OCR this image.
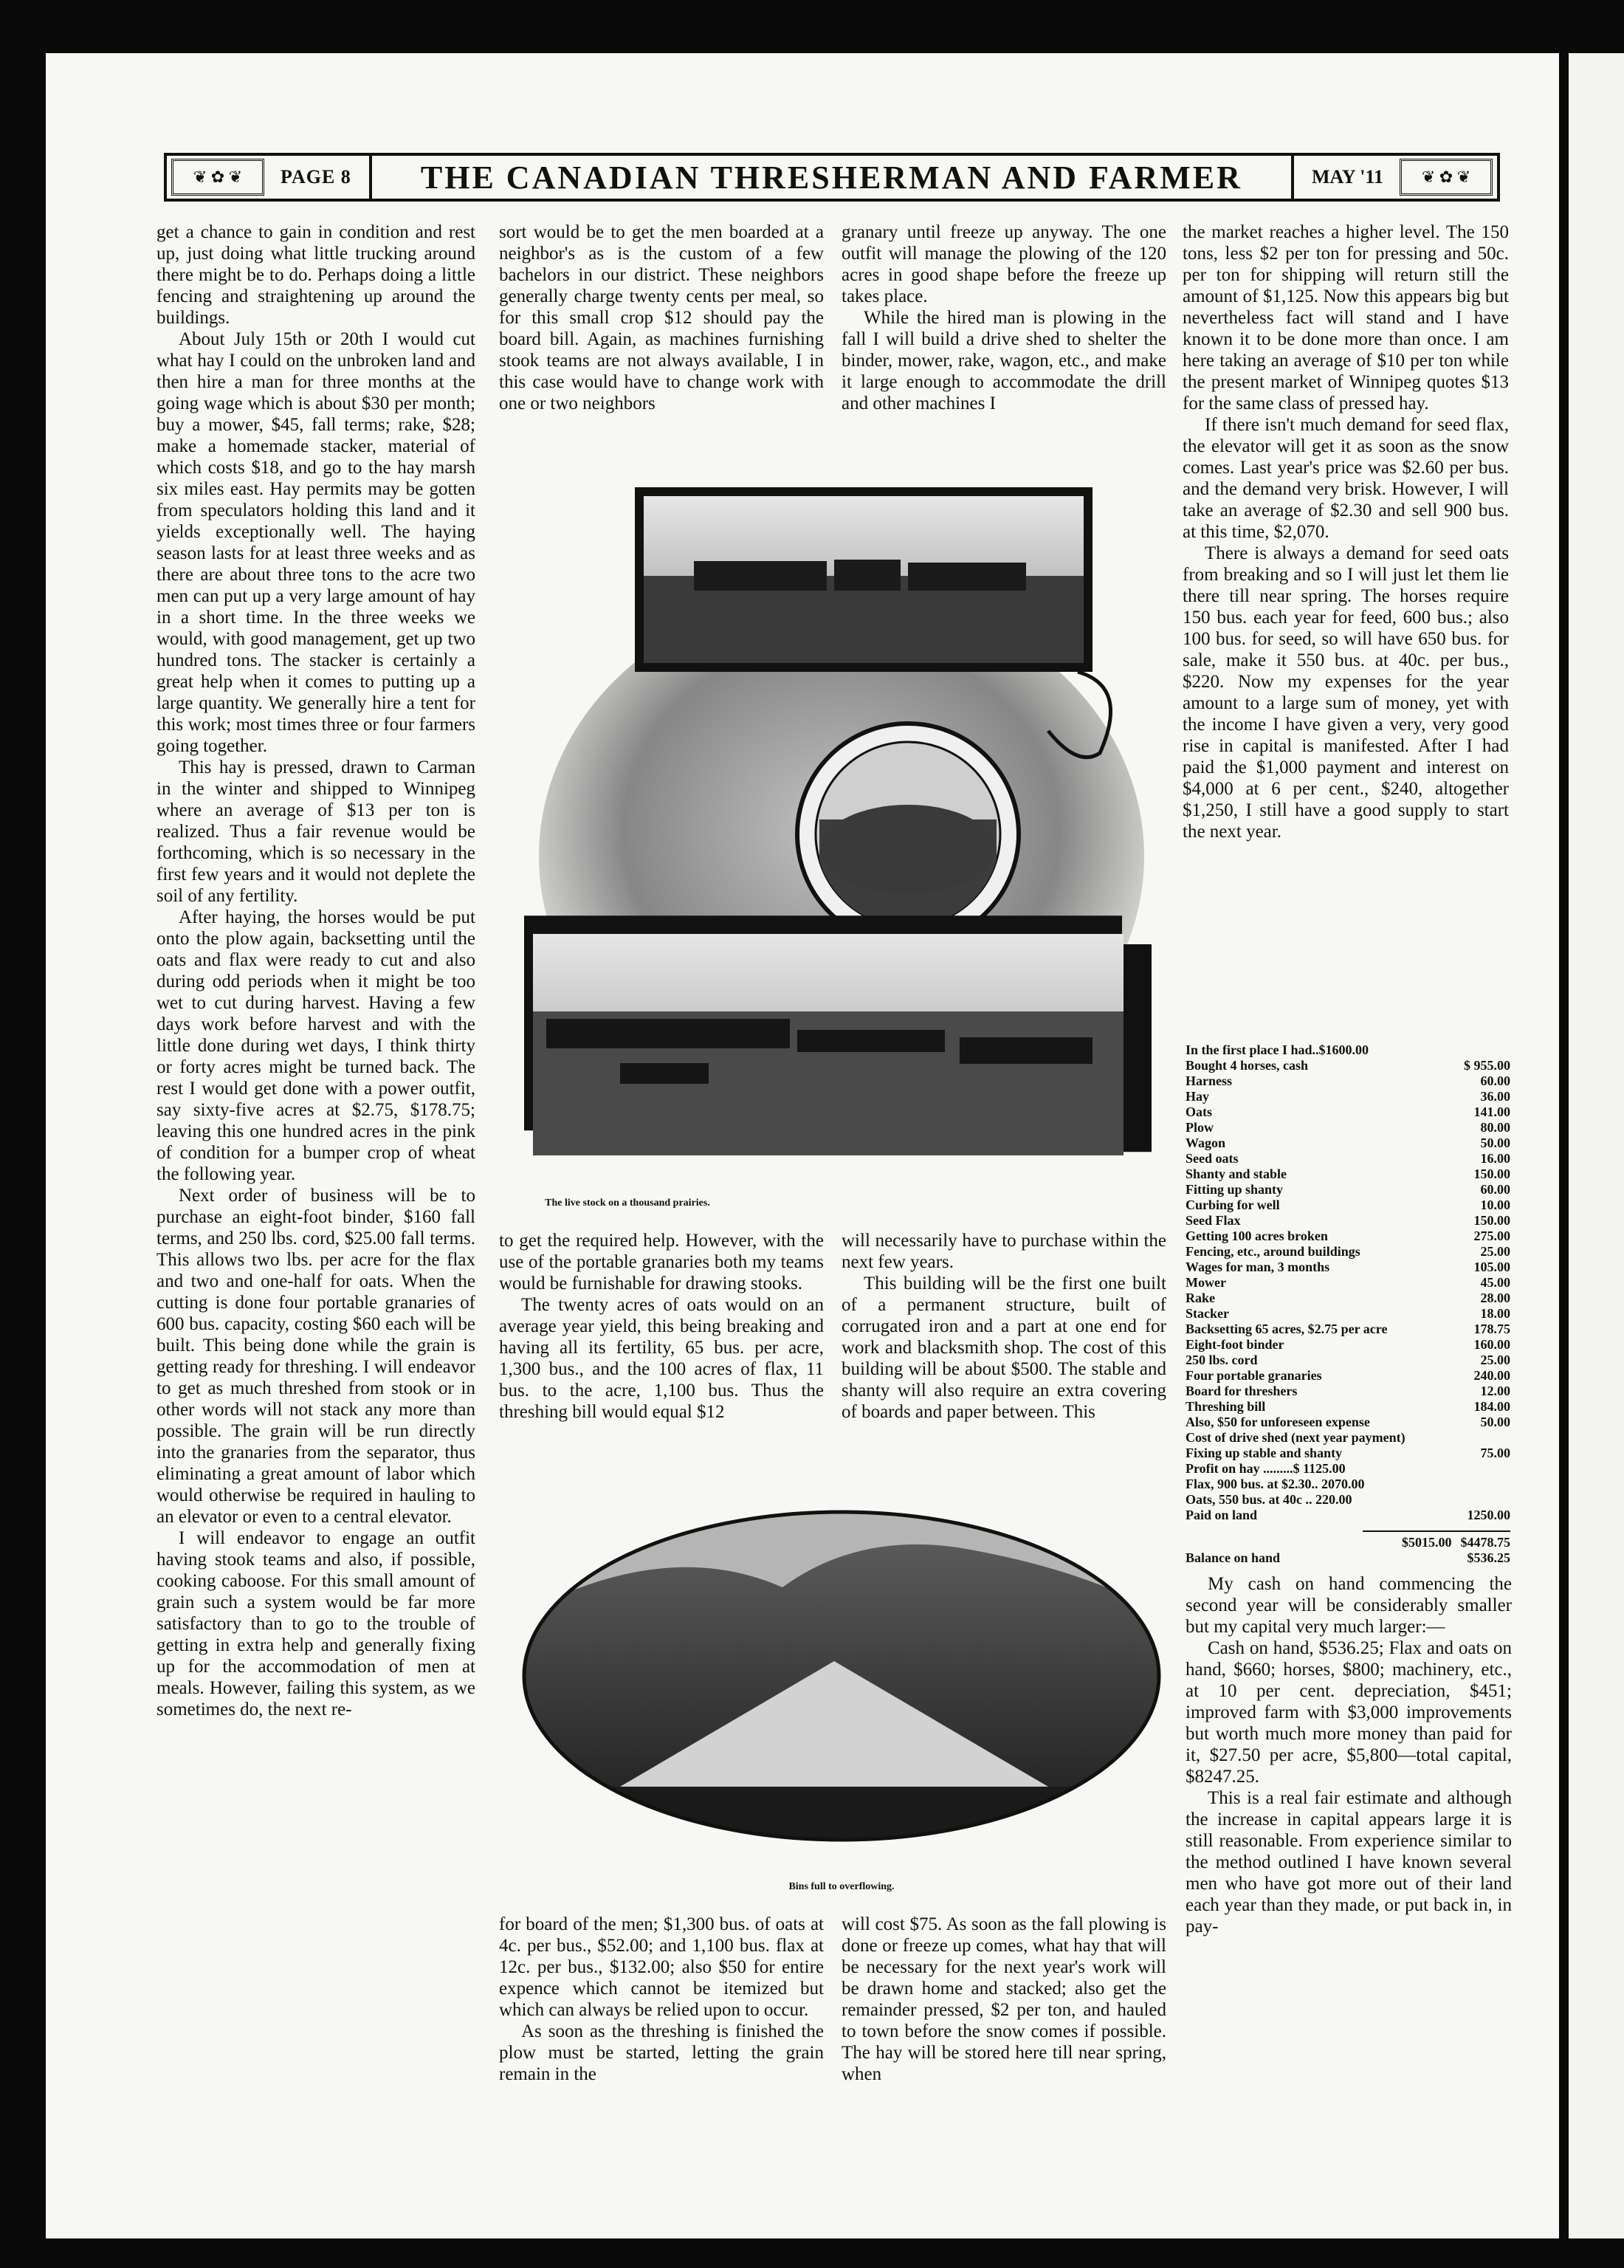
❦ ✿ ❦	PAGE 8	THE CANADIAN THRESHERMAN AND FARMER	MAY '11	❦ ✿ ❦

get a chance to gain in condition and rest up, just doing what little trucking around there might be to do. Perhaps doing a little fencing and straightening up around the buildings.

About July 15th or 20th I would cut what hay I could on the unbroken land and then hire a man for three months at the going wage which is about $30 per month; buy a mower, $45, fall terms; rake, $28; make a homemade stacker, material of which costs $18, and go to the hay marsh six miles east. Hay permits may be gotten from speculators holding this land and it yields exceptionally well. The haying season lasts for at least three weeks and as there are about three tons to the acre two men can put up a very large amount of hay in a short time. In the three weeks we would, with good management, get up two hundred tons. The stacker is certainly a great help when it comes to putting up a large quantity. We generally hire a tent for this work; most times three or four farmers going together.

This hay is pressed, drawn to Carman in the winter and shipped to Winnipeg where an average of $13 per ton is realized. Thus a fair revenue would be forthcoming, which is so necessary in the first few years and it would not deplete the soil of any fertility.

After haying, the horses would be put onto the plow again, backsetting until the oats and flax were ready to cut and also during odd periods when it might be too wet to cut during harvest. Having a few days work before harvest and with the little done during wet days, I think thirty or forty acres might be turned back. The rest I would get done with a power outfit, say sixty-five acres at $2.75, $178.75; leaving this one hundred acres in the pink of condition for a bumper crop of wheat the following year.

Next order of business will be to purchase an eight-foot binder, $160 fall terms, and 250 lbs. cord, $25.00 fall terms. This allows two lbs. per acre for the flax and two and one-half for oats. When the cutting is done four portable granaries of 600 bus. capacity, costing $60 each will be built. This being done while the grain is getting ready for threshing. I will endeavor to get as much threshed from stook or in other words will not stack any more than possible. The grain will be run directly into the granaries from the separator, thus eliminating a great amount of labor which would otherwise be required in hauling to an elevator or even to a central elevator.

I will endeavor to engage an outfit having stook teams and also, if possible, cooking caboose. For this small amount of grain such a system would be far more satisfactory than to go to the trouble of getting in extra help and generally fixing up for the accommodation of men at meals. However, failing this system, as we sometimes do, the next re-

sort would be to get the men boarded at a neighbor's as is the custom of a few bachelors in our district. These neighbors generally charge twenty cents per meal, so for this small crop $12 should pay the board bill. Again, as machines furnishing stook teams are not always available, I in this case would have to change work with one or two neighbors

granary until freeze up anyway. The one outfit will manage the plowing of the 120 acres in good shape before the freeze up takes place.

While the hired man is plowing in the fall I will build a drive shed to shelter the binder, mower, rake, wagon, etc., and make it large enough to accommodate the drill and other machines I

The live stock on a thousand prairies.

to get the required help. However, with the use of the portable granaries both my teams would be furnishable for drawing stooks.

The twenty acres of oats would on an average year yield, this being breaking and having all its fertility, 65 bus. per acre, 1,300 bus., and the 100 acres of flax, 11 bus. to the acre, 1,100 bus. Thus the threshing bill would equal $12

will necessarily have to purchase within the next few years.

This building will be the first one built of a permanent structure, built of corrugated iron and a part at one end for work and blacksmith shop. The cost of this building will be about $500. The stable and shanty will also require an extra covering of boards and paper between. This

Bins full to overflowing.

for board of the men; $1,300 bus. of oats at 4c. per bus., $52.00; and 1,100 bus. flax at 12c. per bus., $132.00; also $50 for entire expence which cannot be itemized but which can always be relied upon to occur.

As soon as the threshing is finished the plow must be started, letting the grain remain in the

will cost $75. As soon as the fall plowing is done or freeze up comes, what hay that will be necessary for the next year's work will be drawn home and stacked; also get the remainder pressed, $2 per ton, and hauled to town before the snow comes if possible. The hay will be stored here till near spring, when

the market reaches a higher level. The 150 tons, less $2 per ton for pressing and 50c. per ton for shipping will return still the amount of $1,125. Now this appears big but nevertheless fact will stand and I have known it to be done more than once. I am here taking an average of $10 per ton while the present market of Winnipeg quotes $13 for the same class of pressed hay.

If there isn't much demand for seed flax, the elevator will get it as soon as the snow comes. Last year's price was $2.60 per bus. and the demand very brisk. However, I will take an average of $2.30 and sell 900 bus. at this time, $2,070.

There is always a demand for seed oats from breaking and so I will just let them lie there till near spring. The horses require 150 bus. each year for feed, 600 bus.; also 100 bus. for seed, so will have 650 bus. for sale, make it 550 bus. at 40c. per bus., $220. Now my expenses for the year amount to a large sum of money, yet with the income I have given a very, very good rise in capital is manifested. After I had paid the $1,000 payment and interest on $4,000 at 6 per cent., $240, altogether $1,250, I still have a good supply to start the next year.

In the first place I had..$1600.00
Bought 4 horses, cash	$ 955.00
Harness	60.00
Hay	36.00
Oats	141.00
Plow	80.00
Wagon	50.00
Seed oats	16.00
Shanty and stable	150.00
Fitting up shanty	60.00
Curbing for well	10.00
Seed Flax	150.00
Getting 100 acres broken	275.00
Fencing, etc., around buildings	25.00
Wages for man, 3 months	105.00
Mower	45.00
Rake	28.00
Stacker	18.00
Backsetting 65 acres, $2.75 per acre	178.75
Eight-foot binder	160.00
250 lbs. cord	25.00
Four portable granaries	240.00
Board for threshers	12.00
Threshing bill	184.00
Also, $50 for unforeseen expense	50.00
Cost of drive shed (next year payment)
Fixing up stable and shanty	75.00
Profit on hay .........$ 1125.00
Flax, 900 bus. at $2.30.. 2070.00
Oats, 550 bus. at 40c .. 220.00
Paid on land	1250.00
$5015.00 $4478.75
Balance on hand	$536.25

My cash on hand commencing the second year will be considerably smaller but my capital very much larger:—

Cash on hand, $536.25; Flax and oats on hand, $660; horses, $800; machinery, etc., at 10 per cent. depreciation, $451; improved farm with $3,000 improvements but worth much more money than paid for it, $27.50 per acre, $5,800—total capital, $8247.25.

This is a real fair estimate and although the increase in capital appears large it is still reasonable. From experience similar to the method outlined I have known several men who have got more out of their land each year than they made, or put back in, in pay-
